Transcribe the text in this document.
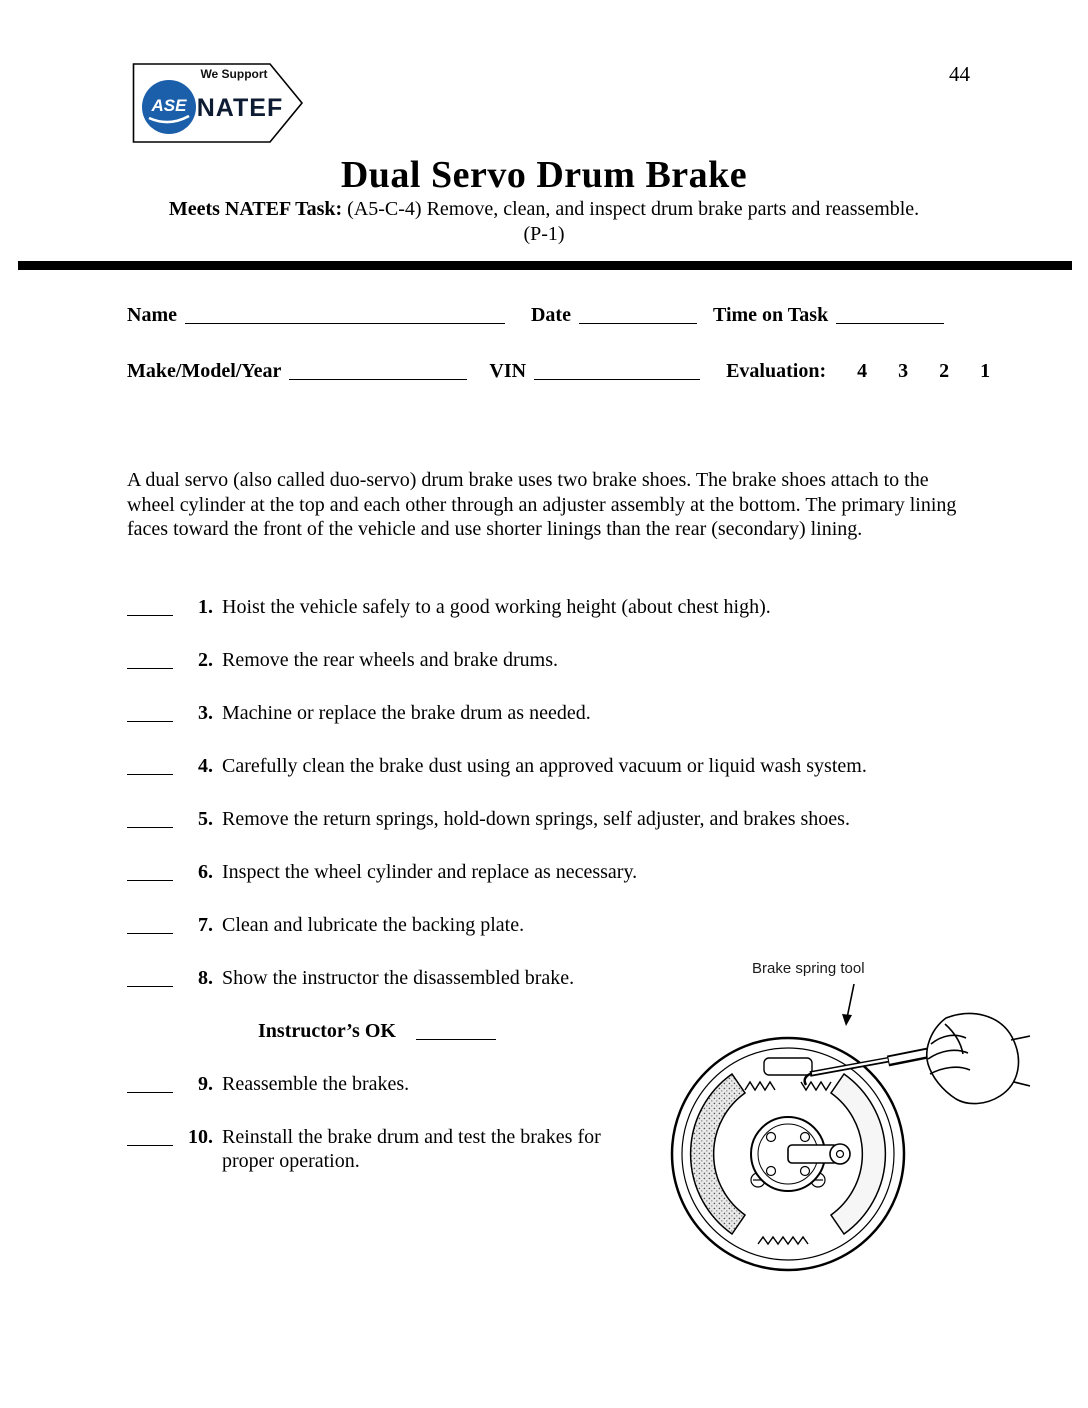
44
We Support
ASE NATEF
Dual Servo Drum Brake
Meets NATEF Task: (A5-C-4) Remove, clean, and inspect drum brake parts and reassemble.
(P-1)
Name	Date	Time on Task
Make/Model/Year	VIN	Evaluation: 4 3 2 1

A dual servo (also called duo-servo) drum brake uses two brake shoes. The brake shoes attach to the wheel cylinder at the top and each other through an adjuster assembly at the bottom. The primary lining faces toward the front of the vehicle and use shorter linings than the rear (secondary) lining.

1. Hoist the vehicle safely to a good working height (about chest high).
2. Remove the rear wheels and brake drums.
3. Machine or replace the brake drum as needed.
4. Carefully clean the brake dust using an approved vacuum or liquid wash system.
5. Remove the return springs, hold-down springs, self adjuster, and brakes shoes.
6. Inspect the wheel cylinder and replace as necessary.
7. Clean and lubricate the backing plate.
8. Show the instructor the disassembled brake.
Instructor’s OK
9. Reassemble the brakes.
10. Reinstall the brake drum and test the brakes for proper operation.
Brake spring tool
